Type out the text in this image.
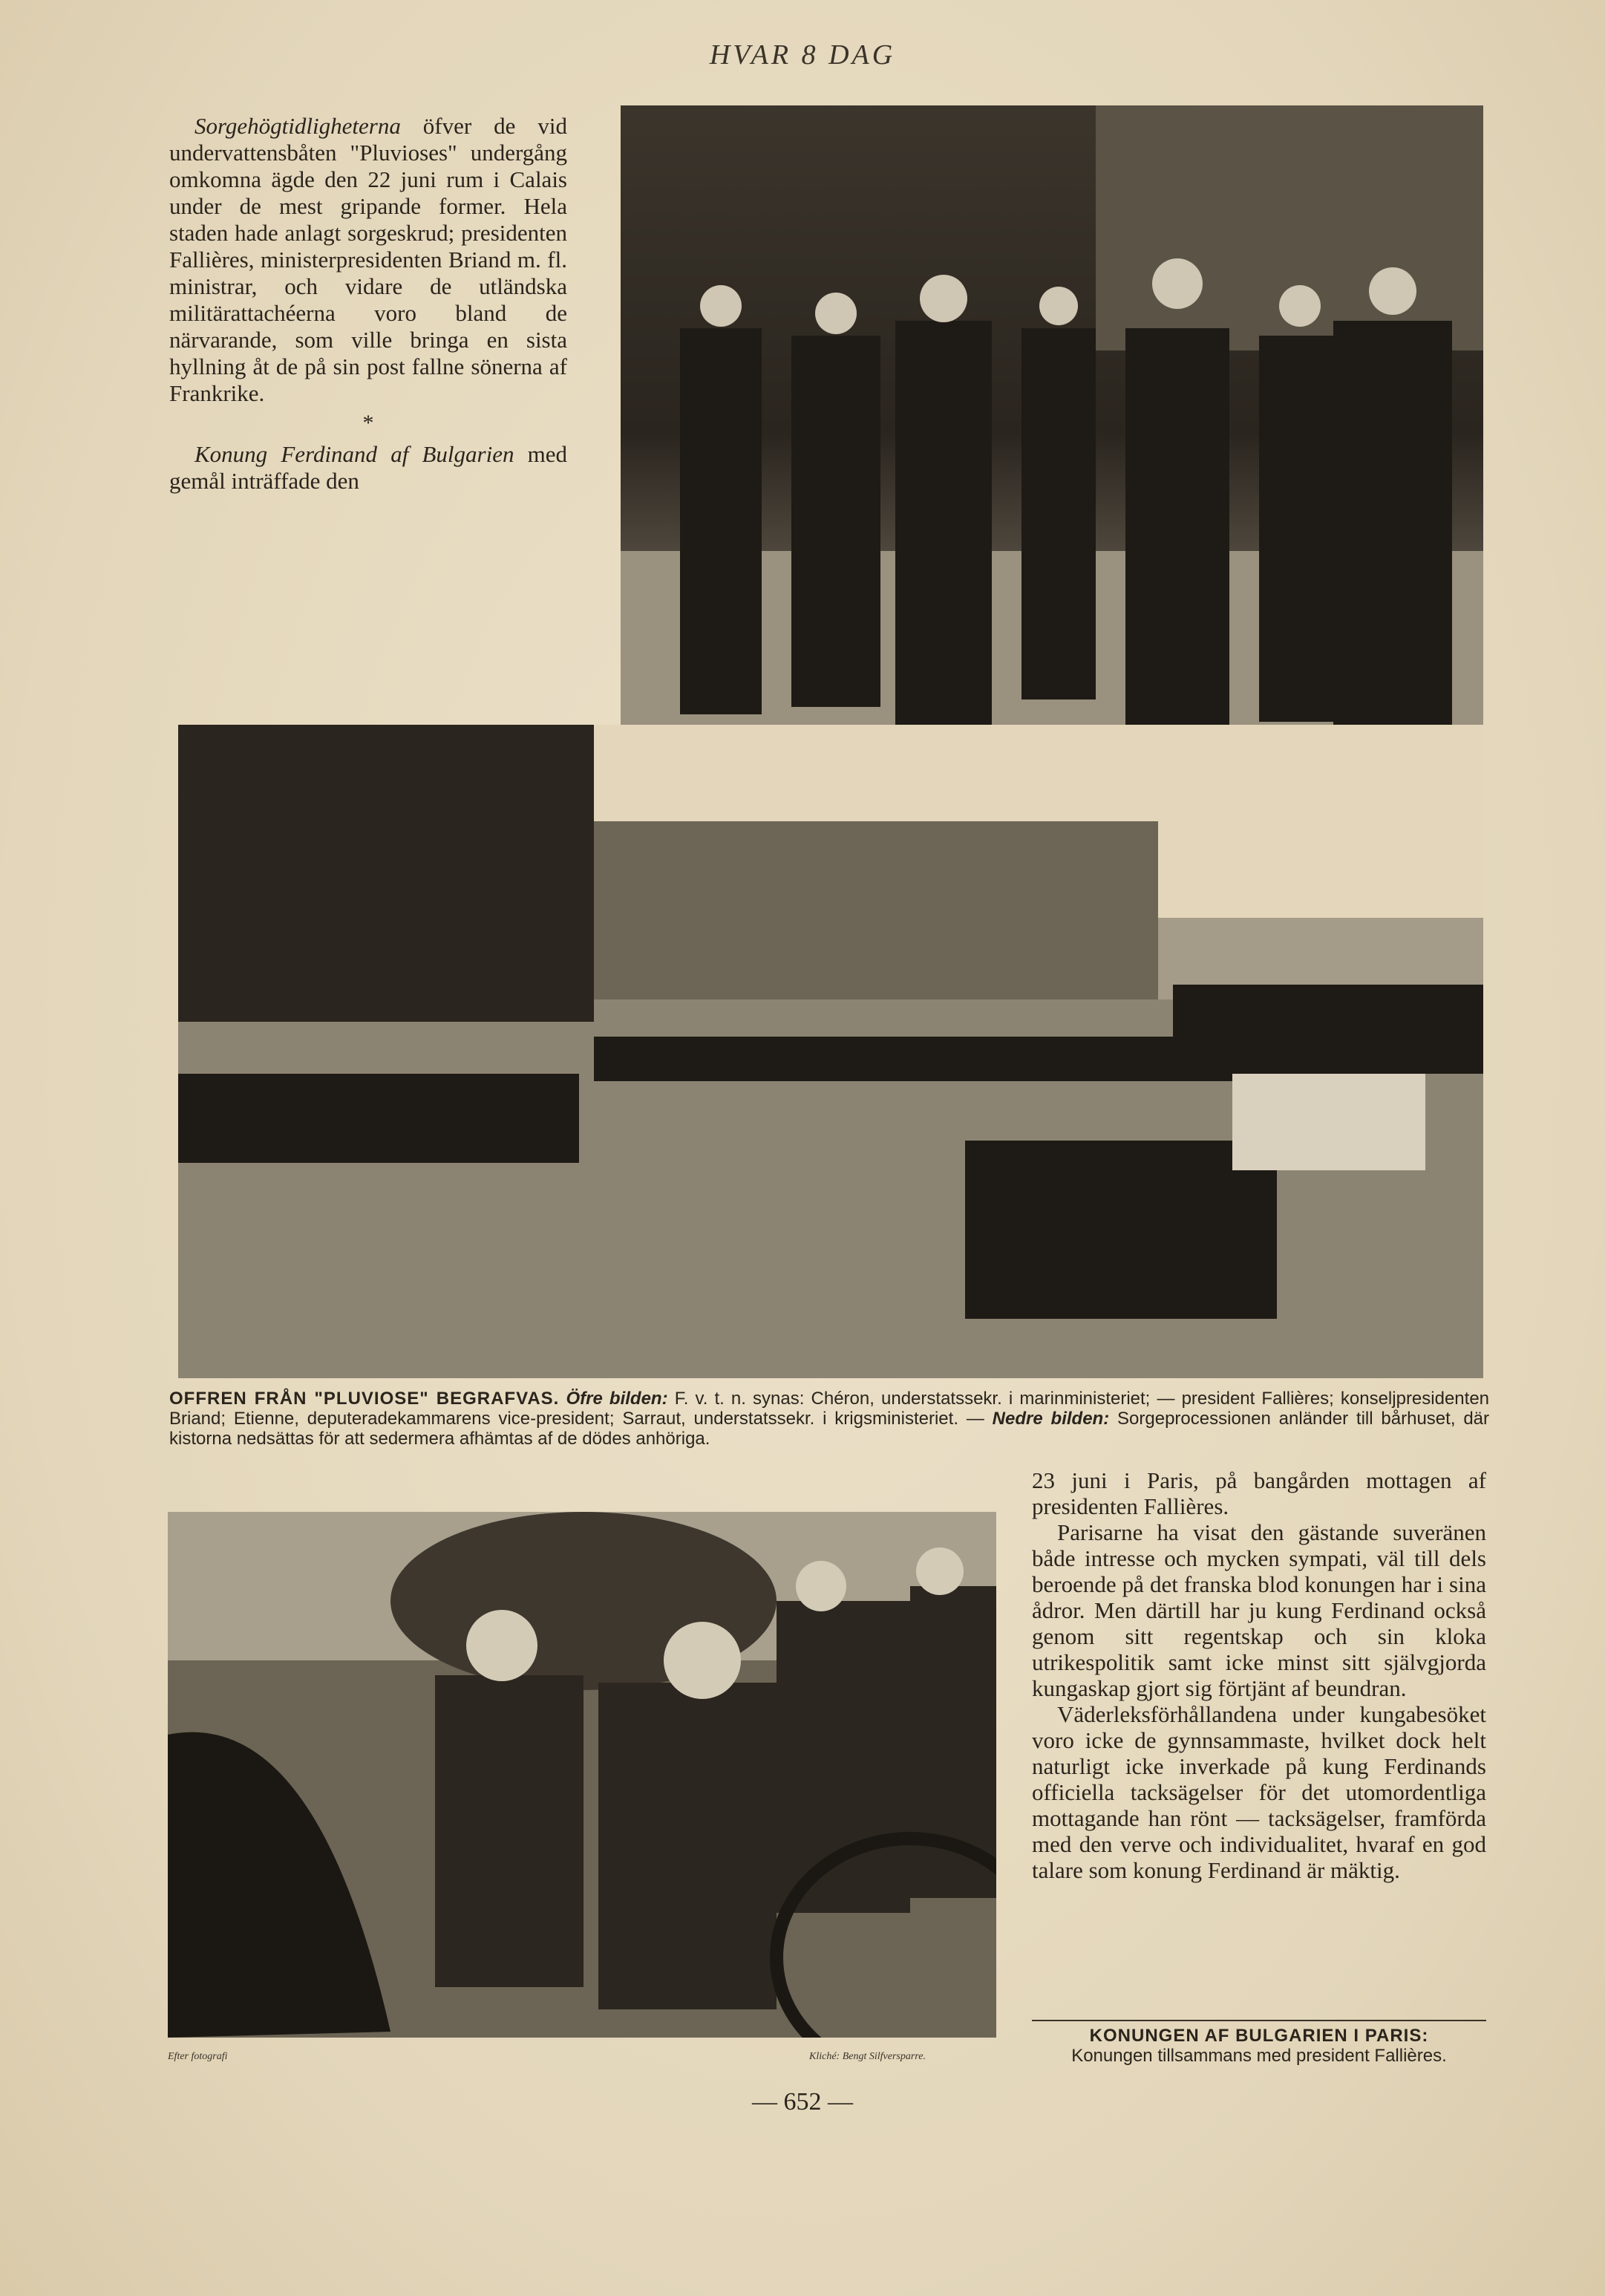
HVAR 8 DAG

Sorgehögtidligheterna öfver de vid undervattensbåten "Pluvioses" undergång omkomna ägde den 22 juni rum i Calais under de mest gripande former. Hela staden hade anlagt sorgeskrud; presidenten Fallières, ministerpresidenten Briand m. fl. ministrar, och vidare de utländska militärattachéerna voro bland de närvarande, som ville bringa en sista hyllning åt de på sin post fallne sönerna af Frankrike.

*

Konung Ferdinand af Bulgarien med gemål inträffade den

OFFREN FRÅN "PLUVIOSE" BEGRAFVAS. Öfre bilden: F. v. t. n. synas: Chéron, understatssekr. i marinministeriet; — president Fallières; konseljpresidenten Briand; Etienne, deputeradekammarens vice-president; Sarraut, understatssekr. i krigsministeriet. — Nedre bilden: Sorgeprocessionen anländer till bårhuset, där kistorna nedsättas för att sedermera afhämtas af de dödes anhöriga.
Efter fotografi	Kliché: Bengt Silfversparre.

23 juni i Paris, på bangården mottagen af presidenten Fallières.

Parisarne ha visat den gästande suveränen både intresse och mycken sympati, väl till dels beroende på det franska blod konungen har i sina ådror. Men därtill har ju kung Ferdinand också genom sitt regentskap och sin kloka utrikespolitik samt icke minst sitt självgjorda kungaskap gjort sig förtjänt af beundran.

Väderleksförhållandena under kungabesöket voro icke de gynnsammaste, hvilket dock helt naturligt icke inverkade på kung Ferdinands officiella tacksägelser för det utomordentliga mottagande han rönt — tacksägelser, framförda med den verve och individualitet, hvaraf en god talare som konung Ferdinand är mäktig.

KONUNGEN AF BULGARIEN I PARIS:
Konungen tillsammans med president Fallières.
— 652 —
